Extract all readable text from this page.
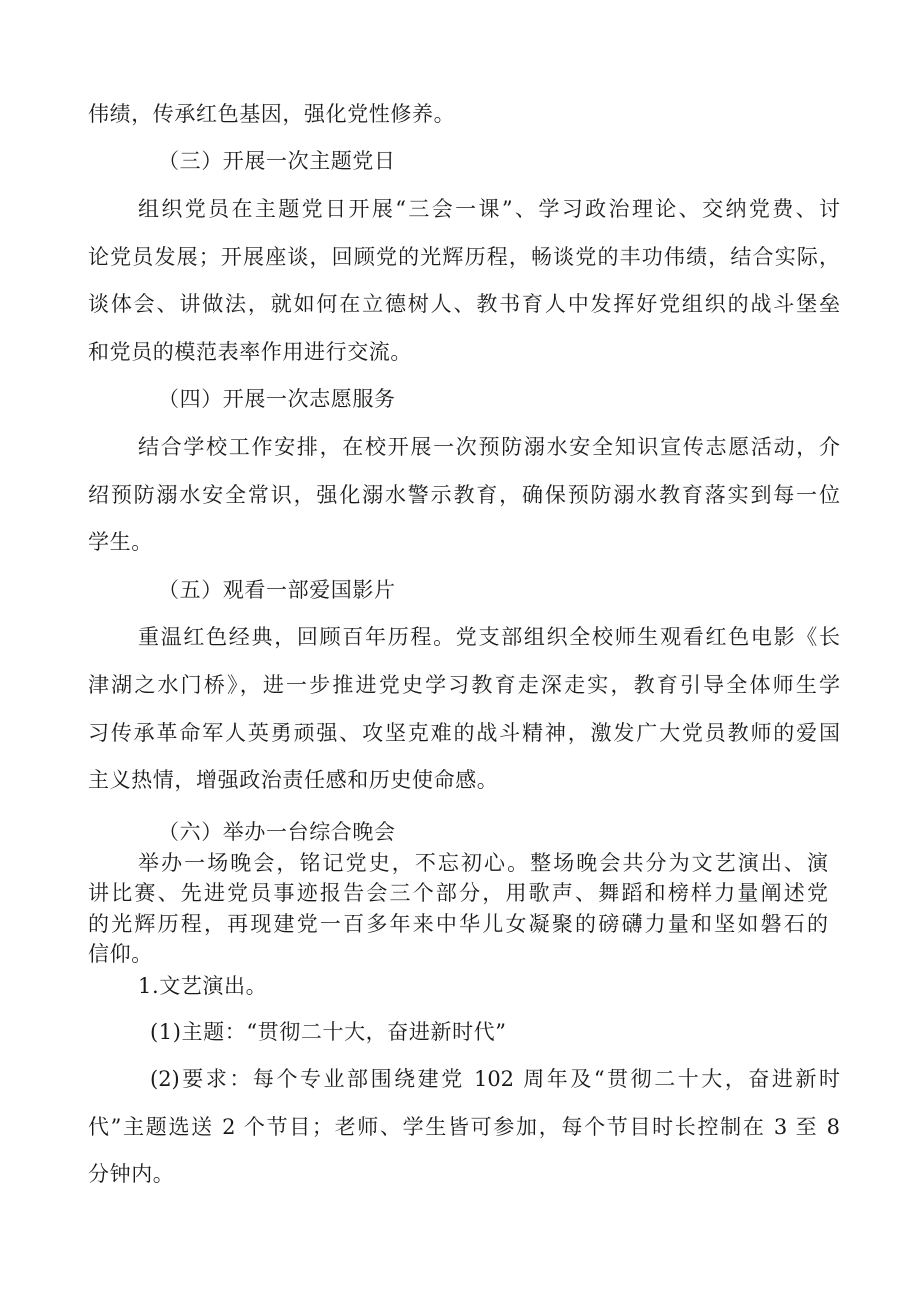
伟绩，传承红色基因，强化党性修养。

（三）开展一次主题党日

组织党员在主题党日开展“三会一课”、学习政治理论、交纳党费、讨

论党员发展；开展座谈，回顾党的光辉历程，畅谈党的丰功伟绩，结合实际，

谈体会、讲做法，就如何在立德树人、教书育人中发挥好党组织的战斗堡垒

和党员的模范表率作用进行交流。

（四）开展一次志愿服务

结合学校工作安排，在校开展一次预防溺水安全知识宣传志愿活动，介

绍预防溺水安全常识，强化溺水警示教育，确保预防溺水教育落实到每一位

学生。

（五）观看一部爱国影片

重温红色经典，回顾百年历程。党支部组织全校师生观看红色电影《长

津湖之水门桥》，进一步推进党史学习教育走深走实，教育引导全体师生学

习传承革命军人英勇顽强、攻坚克难的战斗精神，激发广大党员教师的爱国

主义热情，增强政治责任感和历史使命感。

（六）举办一台综合晚会

举办一场晚会，铭记党史，不忘初心。整场晚会共分为文艺演出、演

讲比赛、先进党员事迹报告会三个部分，用歌声、舞蹈和榜样力量阐述党

的光辉历程，再现建党一百多年来中华儿女凝聚的磅礴力量和坚如磐石的

信仰。

1.文艺演出。

(1)主题：“贯彻二十大，奋进新时代”

(2)要求：每个专业部围绕建党 102 周年及“贯彻二十大，奋进新时

代”主题选送 2 个节目；老师、学生皆可参加，每个节目时长控制在 3 至 8

分钟内。
